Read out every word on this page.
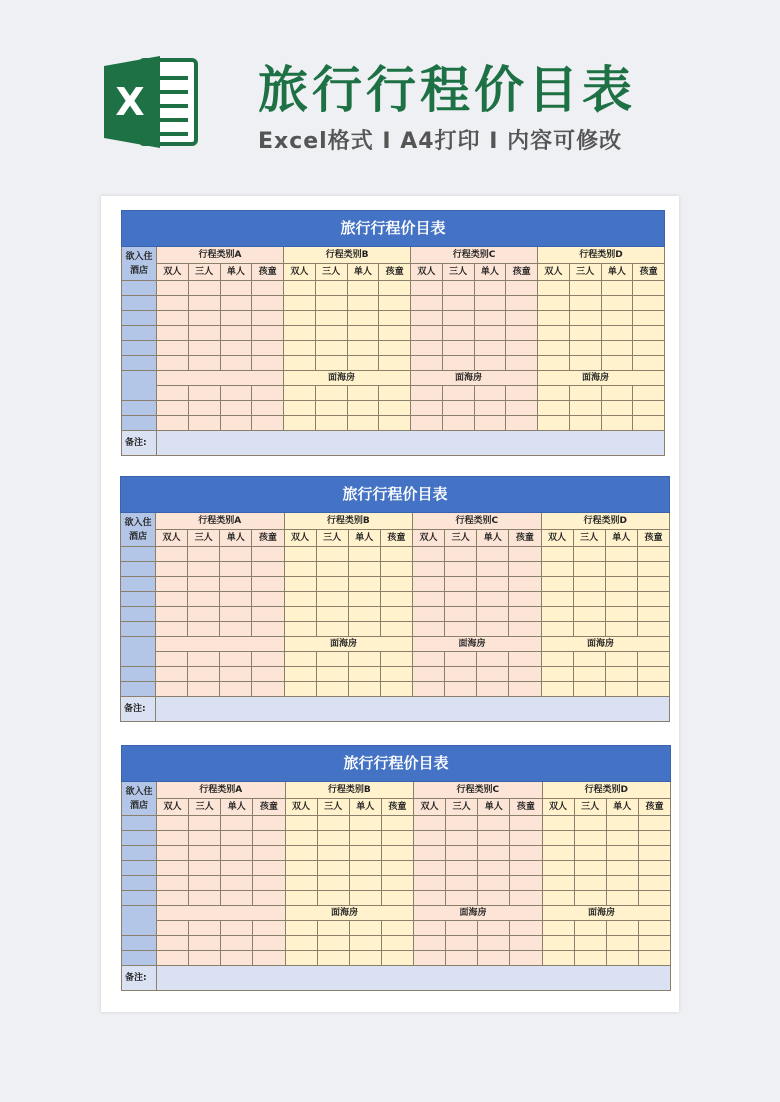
X 旅行行程价目表
Excel格式 Ⅰ A4打印 Ⅰ 内容可修改
旅行行程价目表																
欲入住酒店	行程类别A				行程类别B				行程类别C				行程类别D			
	双人	三人	单人	孩童	双人	三人	单人	孩童	双人	三人	单人	孩童	双人	三人	单人	孩童

					面海房				面海房				面海房			

备注:																
旅行行程价目表																
欲入住酒店	行程类别A				行程类别B				行程类别C				行程类别D			
	双人	三人	单人	孩童	双人	三人	单人	孩童	双人	三人	单人	孩童	双人	三人	单人	孩童

					面海房				面海房				面海房			

备注:																
旅行行程价目表																
欲入住酒店	行程类别A				行程类别B				行程类别C				行程类别D			
	双人	三人	单人	孩童	双人	三人	单人	孩童	双人	三人	单人	孩童	双人	三人	单人	孩童

					面海房				面海房				面海房			

备注:																
